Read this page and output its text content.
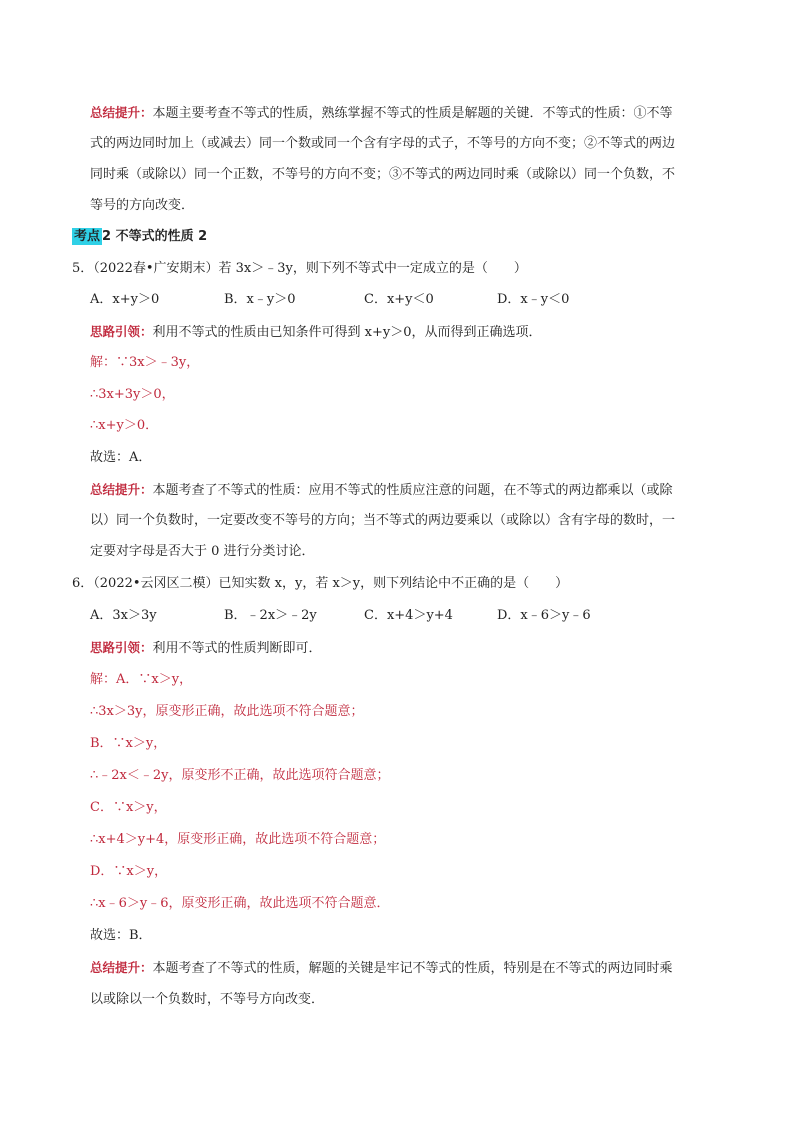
总结提升：本题主要考查不等式的性质，熟练掌握不等式的性质是解题的关键．不等式的性质：①不等
式的两边同时加上（或减去）同一个数或同一个含有字母的式子，不等号的方向不变；②不等式的两边
同时乘（或除以）同一个正数，不等号的方向不变；③不等式的两边同时乘（或除以）同一个负数，不
等号的方向改变．
考点 2 不等式的性质 2
5．（2022春•广安期末）若 3x＞﹣3y，则下列不等式中一定成立的是（　　）
A．x+y＞0	B．x﹣y＞0	C．x+y＜0	D．x﹣y＜0
思路引领：利用不等式的性质由已知条件可得到 x+y＞0，从而得到正确选项．
解：∵3x＞﹣3y，
∴3x+3y＞0，
∴x+y＞0．
故选：A．
总结提升：本题考查了不等式的性质：应用不等式的性质应注意的问题，在不等式的两边都乘以（或除
以）同一个负数时，一定要改变不等号的方向；当不等式的两边要乘以（或除以）含有字母的数时，一
定要对字母是否大于 0 进行分类讨论．
6．（2022•云冈区二模）已知实数 x，y，若 x＞y，则下列结论中不正确的是（　　）
A．3x＞3y	B．﹣2x＞﹣2y	C．x+4＞y+4	D．x﹣6＞y﹣6
思路引领：利用不等式的性质判断即可．
解：A．∵x＞y，
∴3x＞3y，原变形正确，故此选项不符合题意；
B．∵x＞y，
∴﹣2x＜﹣2y，原变形不正确，故此选项符合题意；
C．∵x＞y，
∴x+4＞y+4，原变形正确，故此选项不符合题意；
D．∵x＞y，
∴x﹣6＞y﹣6，原变形正确，故此选项不符合题意．
故选：B．
总结提升：本题考查了不等式的性质，解题的关键是牢记不等式的性质，特别是在不等式的两边同时乘
以或除以一个负数时，不等号方向改变．
